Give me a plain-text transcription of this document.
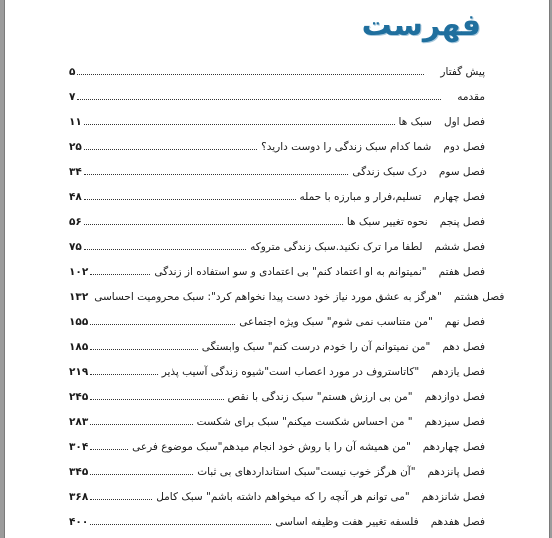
فهرست
پیش گفتار
۵
مقدمه
۷
فصل اولسبک ها
۱۱
فصل دومشما کدام سبک زندگی را دوست دارید؟
۲۵
فصل سومدرک سبک زندگی
۳۴
فصل چهارمتسلیم،فرار و مبارزه با حمله
۴۸
فصل پنجمنحوه تغییر سبک ها
۵۶
فصل ششملطفا مرا ترک نکنید.سبک زندگی متروکه
۷۵
فصل هفتم"نمیتوانم به او اعتماد کنم" بی اعتمادی و سو استفاده از زندگی
۱۰۲
فصل هشتم"هرگز به عشق مورد نیاز خود دست پیدا نخواهم کرد": سبک محرومیت احساسی
۱۳۲
فصل نهم"من متناسب نمی شوم" سبک ویژه اجتماعی
۱۵۵
فصل دهم"من نمیتوانم آن را خودم درست کنم" سبک وابستگی
۱۸۵
فصل یازدهم"کاتاستروف در مورد اعصاب است"شیوه زندگی آسیب پذیر
۲۱۹
فصل دوازدهم"من بی ارزش هستم" سبک زندگی با نقص
۲۴۵
فصل سیزدهم" من احساس شکست میکنم" سبک برای شکست
۲۸۳
فصل چهاردهم"من همیشه آن را با روش خود انجام میدهم"سبک موضوع فرعی
۳۰۴
فصل پانزدهم"آن هرگز خوب نیست"سبک استانداردهای بی ثبات
۳۴۵
فصل شانزدهم"می توانم هر آنچه را که میخواهم داشته باشم" سبک کامل
۳۶۸
فصل هفدهمفلسفه تغییر هفت وظیفه اساسی
۴۰۰
